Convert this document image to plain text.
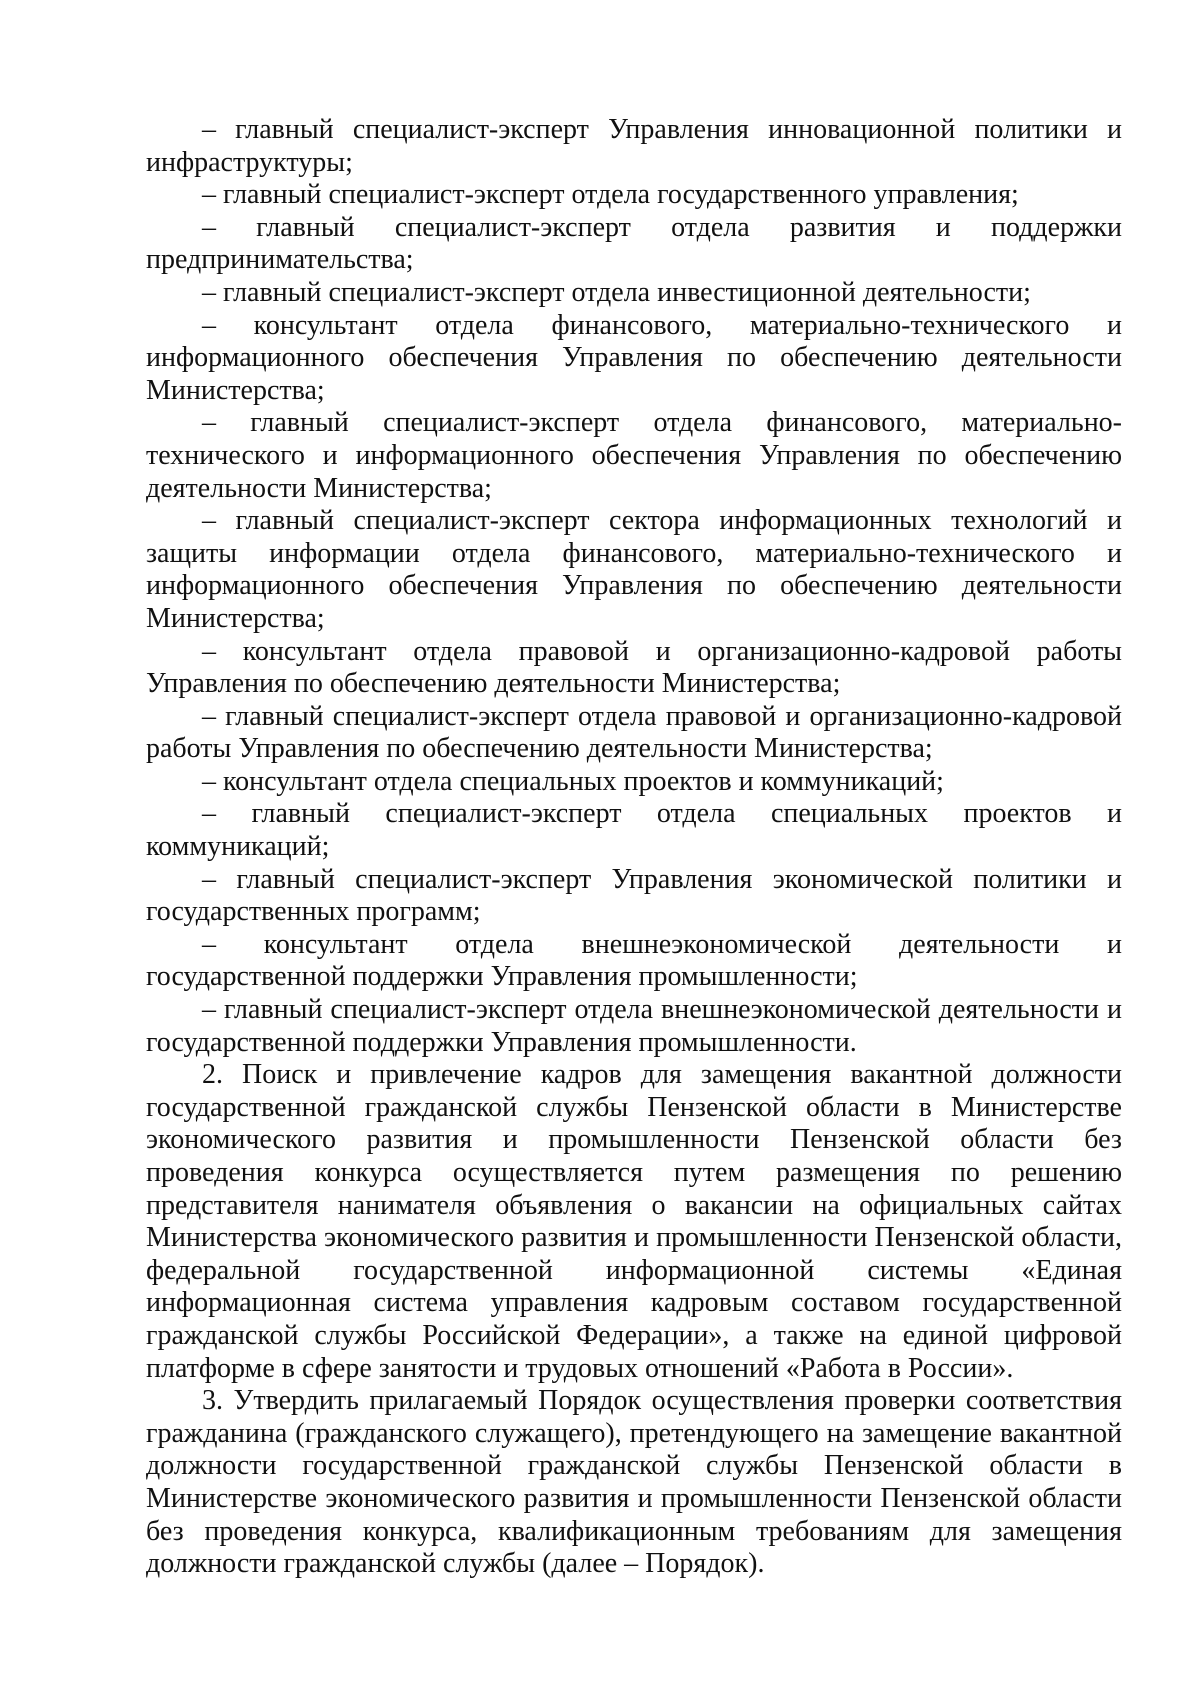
– главный специалист-эксперт Управления инновационной политики и инфраструктуры;

– главный специалист-эксперт отдела государственного управления;

– главный специалист-эксперт отдела развития и поддержки предпринимательства;

– главный специалист-эксперт отдела инвестиционной деятельности;

– консультант отдела финансового, материально-технического и информационного обеспечения Управления по обеспечению деятельности Министерства;

– главный специалист-эксперт отдела финансового, материально-технического и информационного обеспечения Управления по обеспечению деятельности Министерства;

– главный специалист-эксперт сектора информационных технологий и защиты информации отдела финансового, материально-технического и информационного обеспечения Управления по обеспечению деятельности Министерства;

– консультант отдела правовой и организационно-кадровой работы Управления по обеспечению деятельности Министерства;

– главный специалист-эксперт отдела правовой и организационно-кадровой работы Управления по обеспечению деятельности Министерства;

– консультант отдела специальных проектов и коммуникаций;

– главный специалист-эксперт отдела специальных проектов и коммуникаций;

– главный специалист-эксперт Управления экономической политики и государственных программ;

– консультант отдела внешнеэкономической деятельности и государственной поддержки Управления промышленности;

– главный специалист-эксперт отдела внешнеэкономической деятельности и государственной поддержки Управления промышленности.

2. Поиск и привлечение кадров для замещения вакантной должности государственной гражданской службы Пензенской области в Министерстве экономического развития и промышленности Пензенской области без проведения конкурса осуществляется путем размещения по решению представителя нанимателя объявления о вакансии на официальных сайтах Министерства экономического развития и промышленности Пензенской области, федеральной государственной информационной системы «Единая информационная система управления кадровым составом государственной гражданской службы Российской Федерации», а также на единой цифровой платформе в сфере занятости и трудовых отношений «Работа в России».

3. Утвердить прилагаемый Порядок осуществления проверки соответствия гражданина (гражданского служащего), претендующего на замещение вакантной должности государственной гражданской службы Пензенской области в Министерстве экономического развития и промышленности Пензенской области без проведения конкурса, квалификационным требованиям для замещения должности гражданской службы (далее – Порядок).
